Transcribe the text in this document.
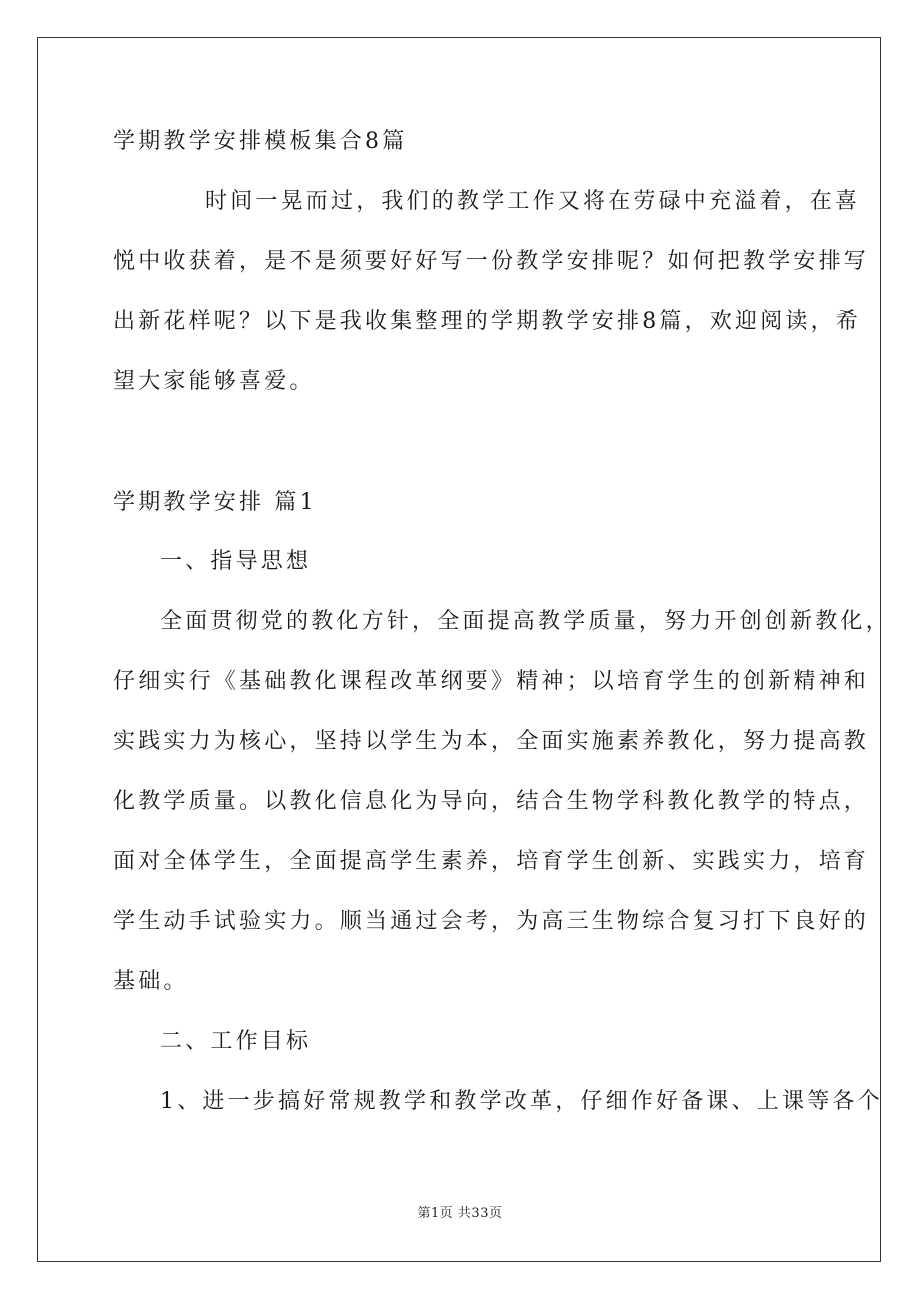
学期教学安排模板集合8篇
时间一晃而过，我们的教学工作又将在劳碌中充溢着，在喜
悦中收获着，是不是须要好好写一份教学安排呢？如何把教学安排写
出新花样呢？以下是我收集整理的学期教学安排8篇，欢迎阅读，希
望大家能够喜爱。
学期教学安排 篇1
一、指导思想
全面贯彻党的教化方针，全面提高教学质量，努力开创创新教化，
仔细实行《基础教化课程改革纲要》精神；以培育学生的创新精神和
实践实力为核心，坚持以学生为本，全面实施素养教化，努力提高教
化教学质量。以教化信息化为导向，结合生物学科教化教学的特点，
面对全体学生，全面提高学生素养，培育学生创新、实践实力，培育
学生动手试验实力。顺当通过会考，为高三生物综合复习打下良好的
基础。
二、工作目标
1、进一步搞好常规教学和教学改革，仔细作好备课、上课等各个
第1页 共33页
